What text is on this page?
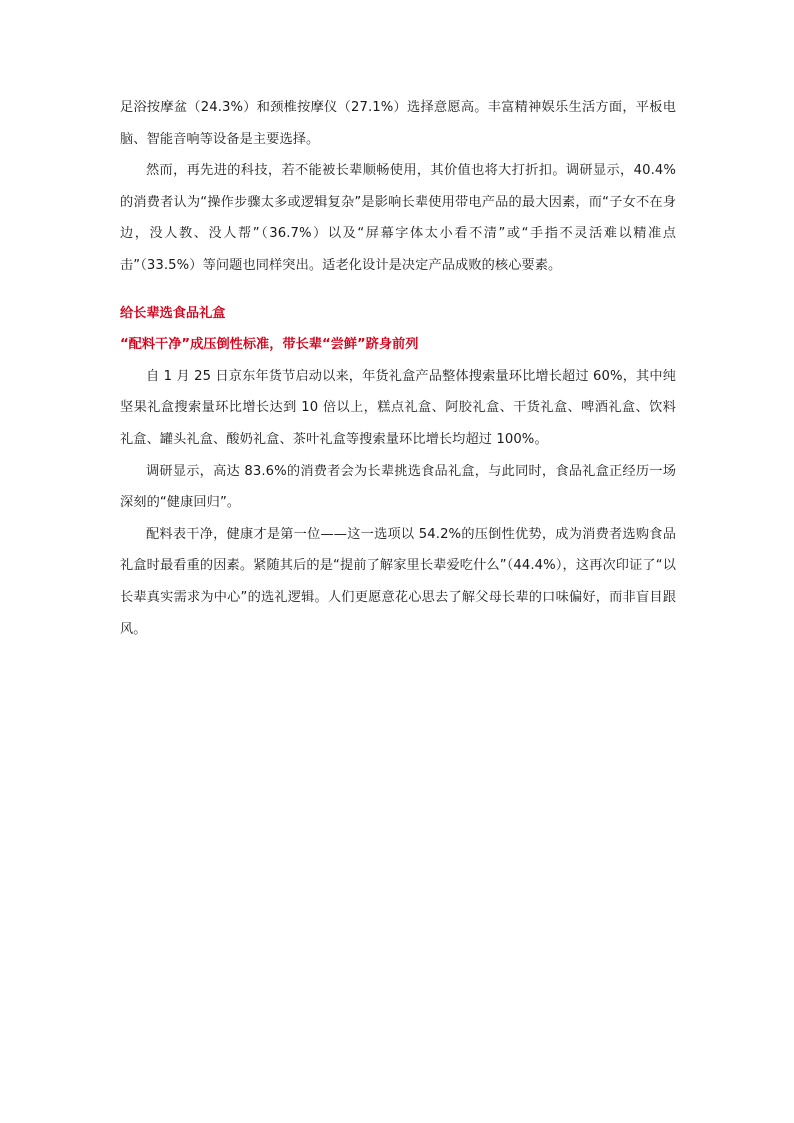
足浴按摩盆（24.3%）和颈椎按摩仪（27.1%）选择意愿高。丰富精神娱乐生活方面，平板电脑、智能音响等设备是主要选择。

然而，再先进的科技，若不能被长辈顺畅使用，其价值也将大打折扣。调研显示，40.4%的消费者认为“操作步骤太多或逻辑复杂”是影响长辈使用带电产品的最大因素，而“子女不在身边，没人教、没人帮”（36.7%）以及“屏幕字体太小看不清”或“手指不灵活难以精准点击”（33.5%）等问题也同样突出。适老化设计是决定产品成败的核心要素。

给长辈选食品礼盒
“配料干净”成压倒性标准，带长辈“尝鲜”跻身前列

自 1 月 25 日京东年货节启动以来，年货礼盒产品整体搜索量环比增长超过 60%，其中纯坚果礼盒搜索量环比增长达到 10 倍以上，糕点礼盒、阿胶礼盒、干货礼盒、啤酒礼盒、饮料礼盒、罐头礼盒、酸奶礼盒、茶叶礼盒等搜索量环比增长均超过 100%。

调研显示，高达 83.6%的消费者会为长辈挑选食品礼盒，与此同时，食品礼盒正经历一场深刻的“健康回归”。

配料表干净，健康才是第一位——这一选项以 54.2%的压倒性优势，成为消费者选购食品礼盒时最看重的因素。紧随其后的是“提前了解家里长辈爱吃什么”（44.4%），这再次印证了“以长辈真实需求为中心”的选礼逻辑。人们更愿意花心思去了解父母长辈的口味偏好，而非盲目跟风。
